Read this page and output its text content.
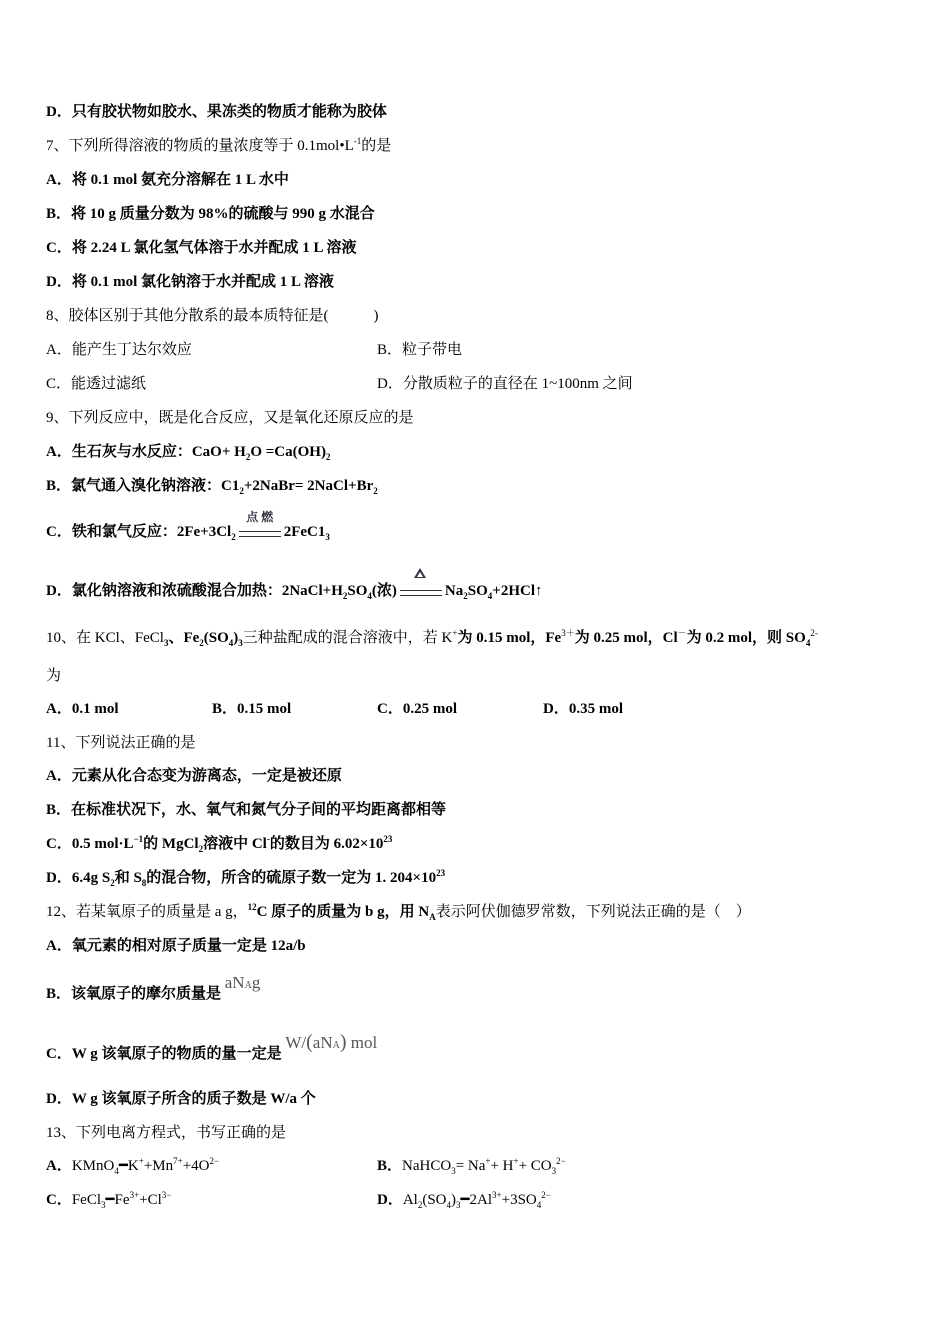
D．只有胶状物如胶水、果冻类的物质才能称为胶体
7、下列所得溶液的物质的量浓度等于 $0.1mol•L^{-1}$的是
A．将 0.1 mol 氨充分溶解在 1 L 水中
B．将 10 g 质量分数为 98%的硫酸与 990 g 水混合
C．将 2.24 L 氯化氢气体溶于水并配成 1 L 溶液
D．将 0.1 mol 氯化钠溶于水并配成 1 L 溶液
8、胶体区别于其他分散系的最本质特征是(　　　)
A．能产生丁达尔效应	B．粒子带电
C．能透过滤纸	D．分散质粒子的直径在 1~100nm 之间
9、下列反应中，既是化合反应，又是氧化还原反应的是
A．生石灰与水反应：$CaO+ H_2O =Ca(OH)_2$
B．氯气通入溴化钠溶液：$C1_2+2NaBr=$ $2NaCl+Br_2$
C．铁和氯气反应：$2Fe+3Cl_2$
点 燃
$2FeC1_3$
D．氯化钠溶液和浓硫酸混合加热：$2NaCl+H_2SO_4$(浓)	$Na_2SO_4+2HCl↑$
10、在 KCl、FeCl$_3$、$Fe_2(SO_4)_3$三种盐配成的混合溶液中，若 K+为 0.15 mol，$Fe^{3+}$为 0.25 mol，Cl－为 0.2 mol，则 $SO_4^{2-}$
为
A．0.1 mol	B．0.15 mol	C．0.25 mol	D．0.35 mol
11、下列说法正确的是
A．元素从化合态变为游离态，一定是被还原
B．在标准状况下，水、氧气和氮气分子间的平均距离都相等
C．0.5 $mol\cdot L^{-1}$的 MgCl$_2$溶液中 Cl-的数目为 $6.02\times 10^{23}$
D．6.4g $S_2$和 $S_8$的混合物，所含的硫原子数一定为 1. $204\times 10^{23}$
12、若某氧原子的质量是 a g，$^{12}$C 原子的质量为 b g，用 $N_A$表示阿伏伽德罗常数，下列说法正确的是（　）
A．氧元素的相对原子质量一定是 12a/b
B．该氧原子的摩尔质量是 aNAg
C．W g 该氧原子的物质的量一定是 W/(aNA) mol
D．W g 该氧原子所含的质子数是 W/a 个
13、下列电离方程式，书写正确的是
A．$KMnO_4━K^++Mn^{7+}+4O^{2-}$	B．NaHCO$_3$= $Na^++ H^++ CO_3^{2-}$
C．$FeCl_3━Fe^{3+}+Cl^{3-}$	D．$Al_2(SO_4)_3━2Al^{3+}+3SO_4^{2-}$
